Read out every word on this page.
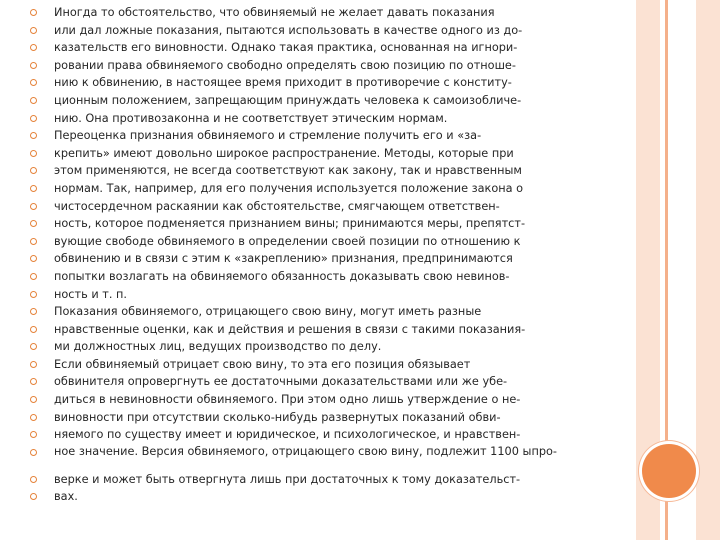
Иногда то обстоятельство, что обвиняемый не желает давать показания
или дал ложные показания, пытаются использовать в качестве одного из до-
казательств его виновности. Однако такая практика, основанная на игнори-
ровании права обвиняемого свободно определять свою позицию по отноше-
нию к обвинению, в настоящее время приходит в противоречие с конститу-
ционным положением, запрещающим принуждать человека к самоизобличе-
нию. Она противозаконна и не соответствует этическим нормам.
Переоценка признания обвиняемого и стремление получить его и «за-
крепить» имеют довольно широкое распространение. Методы, которые при
этом применяются, не всегда соответствуют как закону, так и нравственным
нормам. Так, например, для его получения используется положение закона о
чистосердечном раскаянии как обстоятельстве, смягчающем ответствен-
ность, которое подменяется признанием вины; принимаются меры, препятст-
вующие свободе обвиняемого в определении своей позиции по отношению к
обвинению и в связи с этим к «закреплению» признания, предпринимаются
попытки возлагать на обвиняемого обязанность доказывать свою невинов-
ность и т. п.
Показания обвиняемого, отрицающего свою вину, могут иметь разные
нравственные оценки, как и действия и решения в связи с такими показания-
ми должностных лиц, ведущих производство по делу.
Если обвиняемый отрицает свою вину, то эта его позиция обязывает
обвинителя опровергнуть ее достаточными доказательствами или же убе-
диться в невиновности обвиняемого. При этом одно лишь утверждение о не-
виновности при отсутствии сколько-нибудь развернутых показаний обви-
няемого по существу имеет и юридическое, и психологическое, и нравствен-
ное значение. Версия обвиняемого, отрицающего свою вину, подлежит 1100 ыпро-
верке и может быть отвергнута лишь при достаточных к тому доказательст-
вах.
